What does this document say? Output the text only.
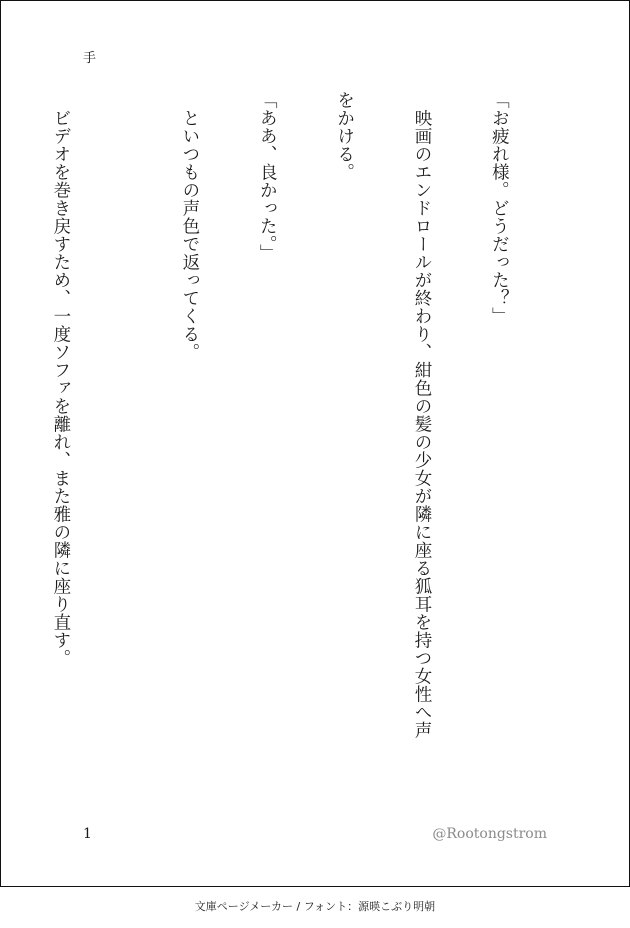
手

「お疲れ様。どうだった？」

　映画のエンドロールが終わり、紺色の髪の少女が隣に座る狐耳を持つ女性へ声

をかける。

「ああ、良かった。」

　といつもの声色で返ってくる。

　ビデオを巻き戻すため、一度ソファを離れ、また雅の隣に座り直す。

1	@Rootongstrom
文庫ページメーカー / フォント：源暎こぶり明朝
